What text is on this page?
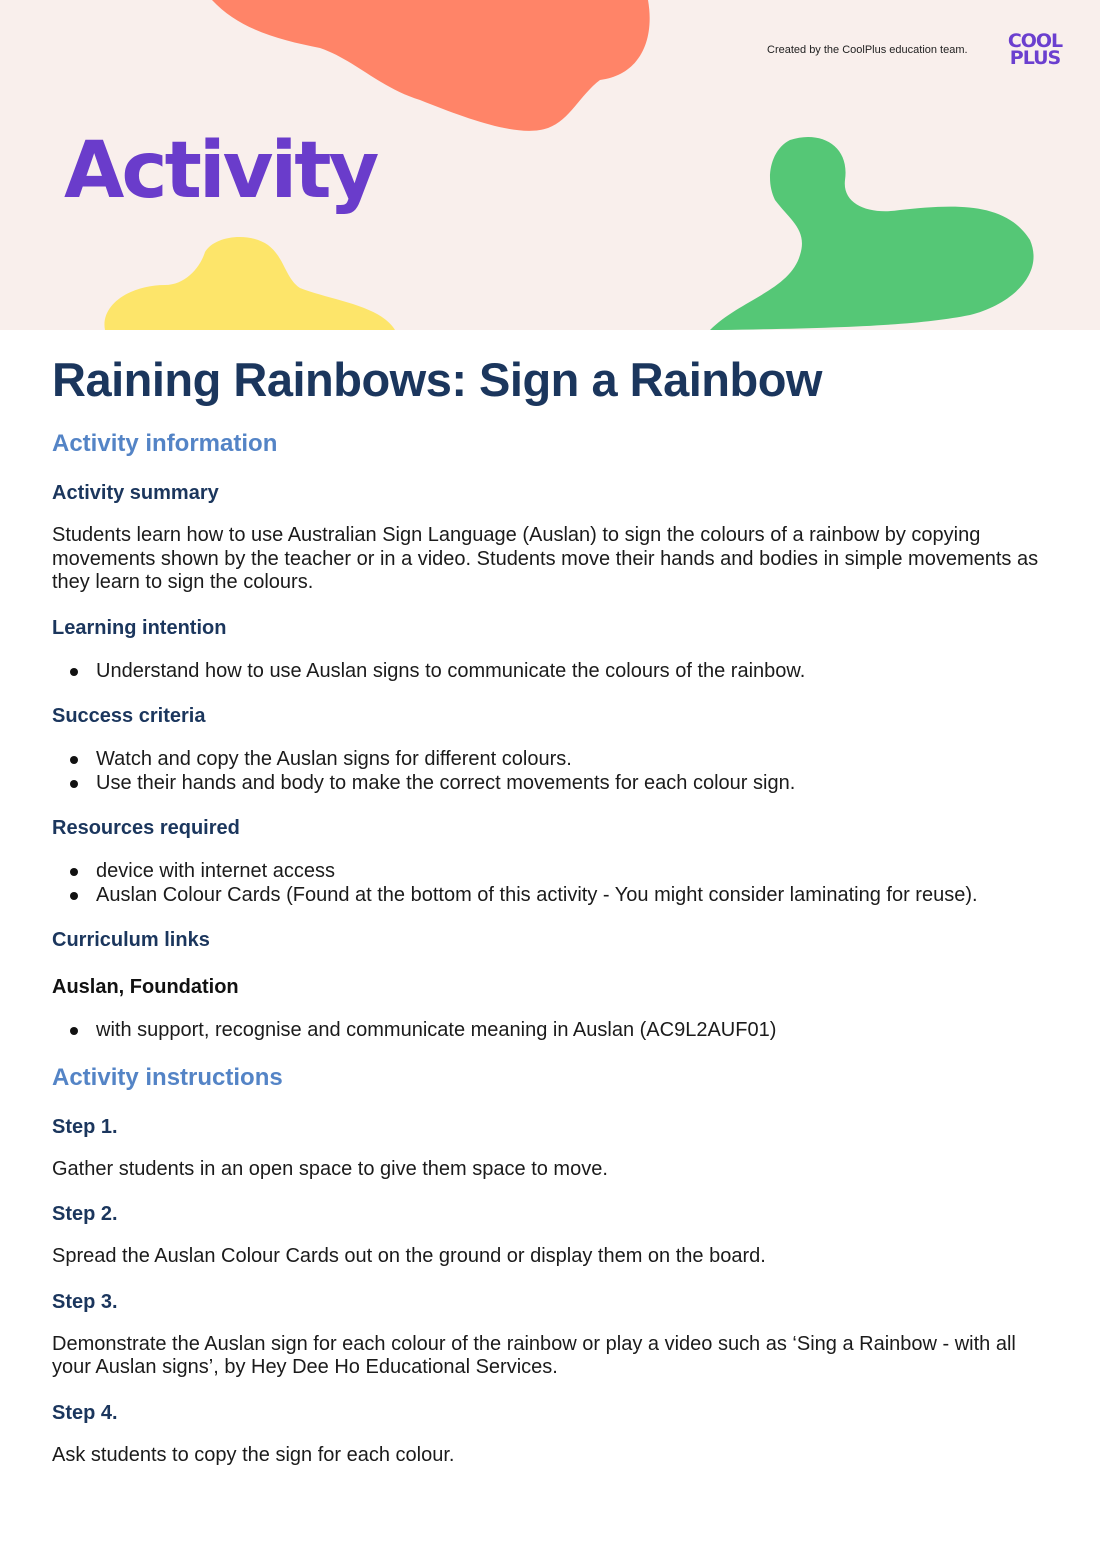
Created by the CoolPlus education team. COOL
PLUS
Activity
Raining Rainbows: Sign a Rainbow
Activity information
Activity summary

Students learn how to use Australian Sign Language (Auslan) to sign the colours of a rainbow by copying movements shown by the teacher or in a video. Students move their hands and bodies in simple movements as they learn to sign the colours.

Learning intention
Understand how to use Auslan signs to communicate the colours of the rainbow.
Success criteria
Watch and copy the Auslan signs for different colours.
Use their hands and body to make the correct movements for each colour sign.
Resources required
device with internet access
Auslan Colour Cards (Found at the bottom of this activity - You might consider laminating for reuse).
Curriculum links
Auslan, Foundation
with support, recognise and communicate meaning in Auslan (AC9L2AUF01)
Activity instructions
Step 1.

Gather students in an open space to give them space to move.

Step 2.

Spread the Auslan Colour Cards out on the ground or display them on the board.

Step 3.

Demonstrate the Auslan sign for each colour of the rainbow or play a video such as ‘Sing a Rainbow - with all your Auslan signs’, by Hey Dee Ho Educational Services.

Step 4.

Ask students to copy the sign for each colour.
